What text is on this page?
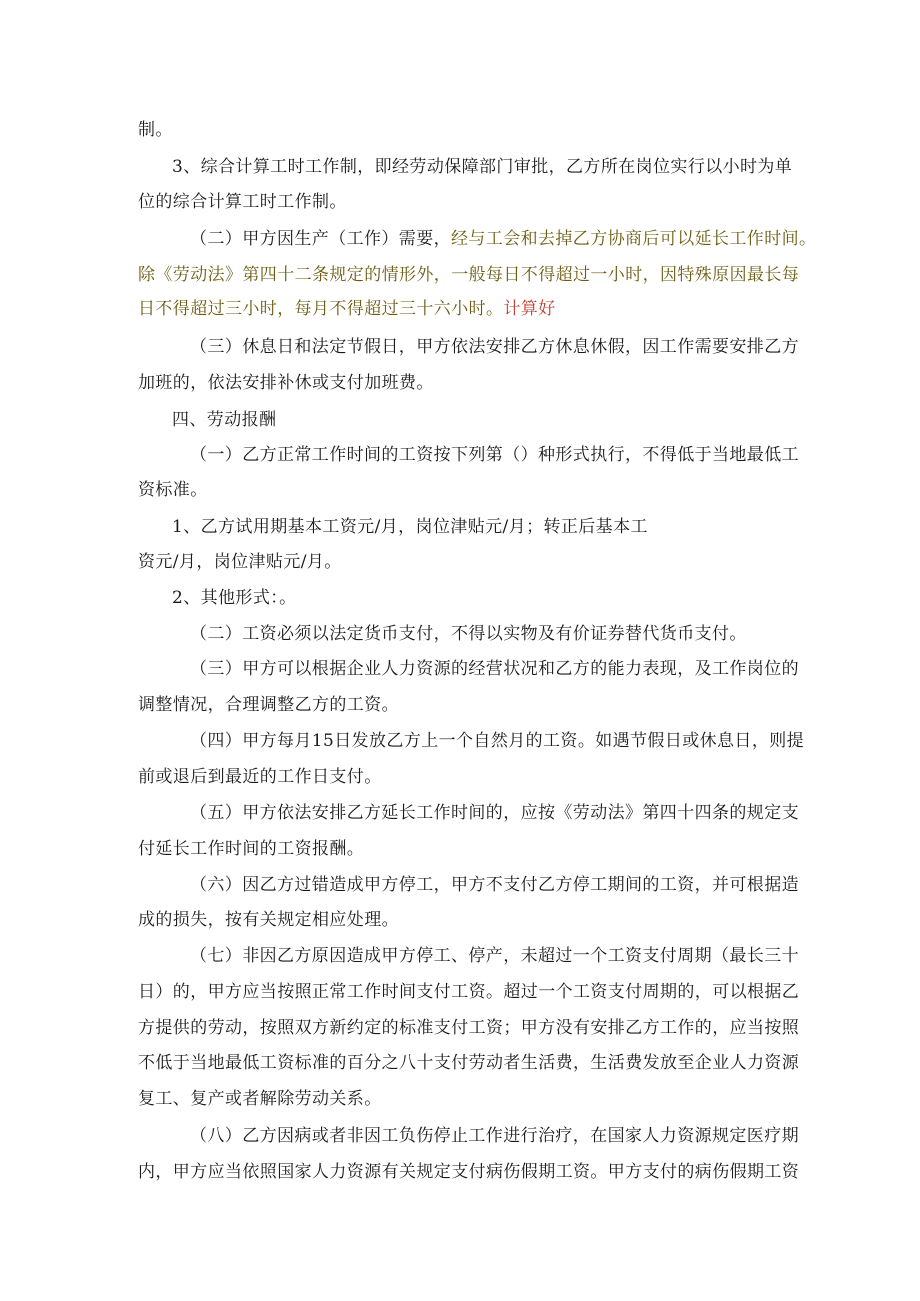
制。
3、综合计算工时工作制，即经劳动保障部门审批，乙方所在岗位实行以小时为单
位的综合计算工时工作制。
（二）甲方因生产（工作）需要，经与工会和去掉乙方协商后可以延长工作时间。
除《劳动法》第四十二条规定的情形外，一般每日不得超过一小时，因特殊原因最长每
日不得超过三小时，每月不得超过三十六小时。计算好
（三）休息日和法定节假日，甲方依法安排乙方休息休假，因工作需要安排乙方
加班的，依法安排补休或支付加班费。
四、劳动报酬
（一）乙方正常工作时间的工资按下列第（）种形式执行，不得低于当地最低工
资标准。
1、乙方试用期基本工资元/月，岗位津贴元/月；转正后基本工
资元/月，岗位津贴元/月。
2、其他形式：。
（二）工资必须以法定货币支付，不得以实物及有价证券替代货币支付。
（三）甲方可以根据企业人力资源的经营状况和乙方的能力表现，及工作岗位的
调整情况，合理调整乙方的工资。
（四）甲方每月15日发放乙方上一个自然月的工资。如遇节假日或休息日，则提
前或退后到最近的工作日支付。
（五）甲方依法安排乙方延长工作时间的，应按《劳动法》第四十四条的规定支
付延长工作时间的工资报酬。
（六）因乙方过错造成甲方停工，甲方不支付乙方停工期间的工资，并可根据造
成的损失，按有关规定相应处理。
（七）非因乙方原因造成甲方停工、停产，未超过一个工资支付周期（最长三十
日）的，甲方应当按照正常工作时间支付工资。超过一个工资支付周期的，可以根据乙
方提供的劳动，按照双方新约定的标准支付工资；甲方没有安排乙方工作的，应当按照
不低于当地最低工资标准的百分之八十支付劳动者生活费，生活费发放至企业人力资源
复工、复产或者解除劳动关系。
（八）乙方因病或者非因工负伤停止工作进行治疗，在国家人力资源规定医疗期
内，甲方应当依照国家人力资源有关规定支付病伤假期工资。甲方支付的病伤假期工资
